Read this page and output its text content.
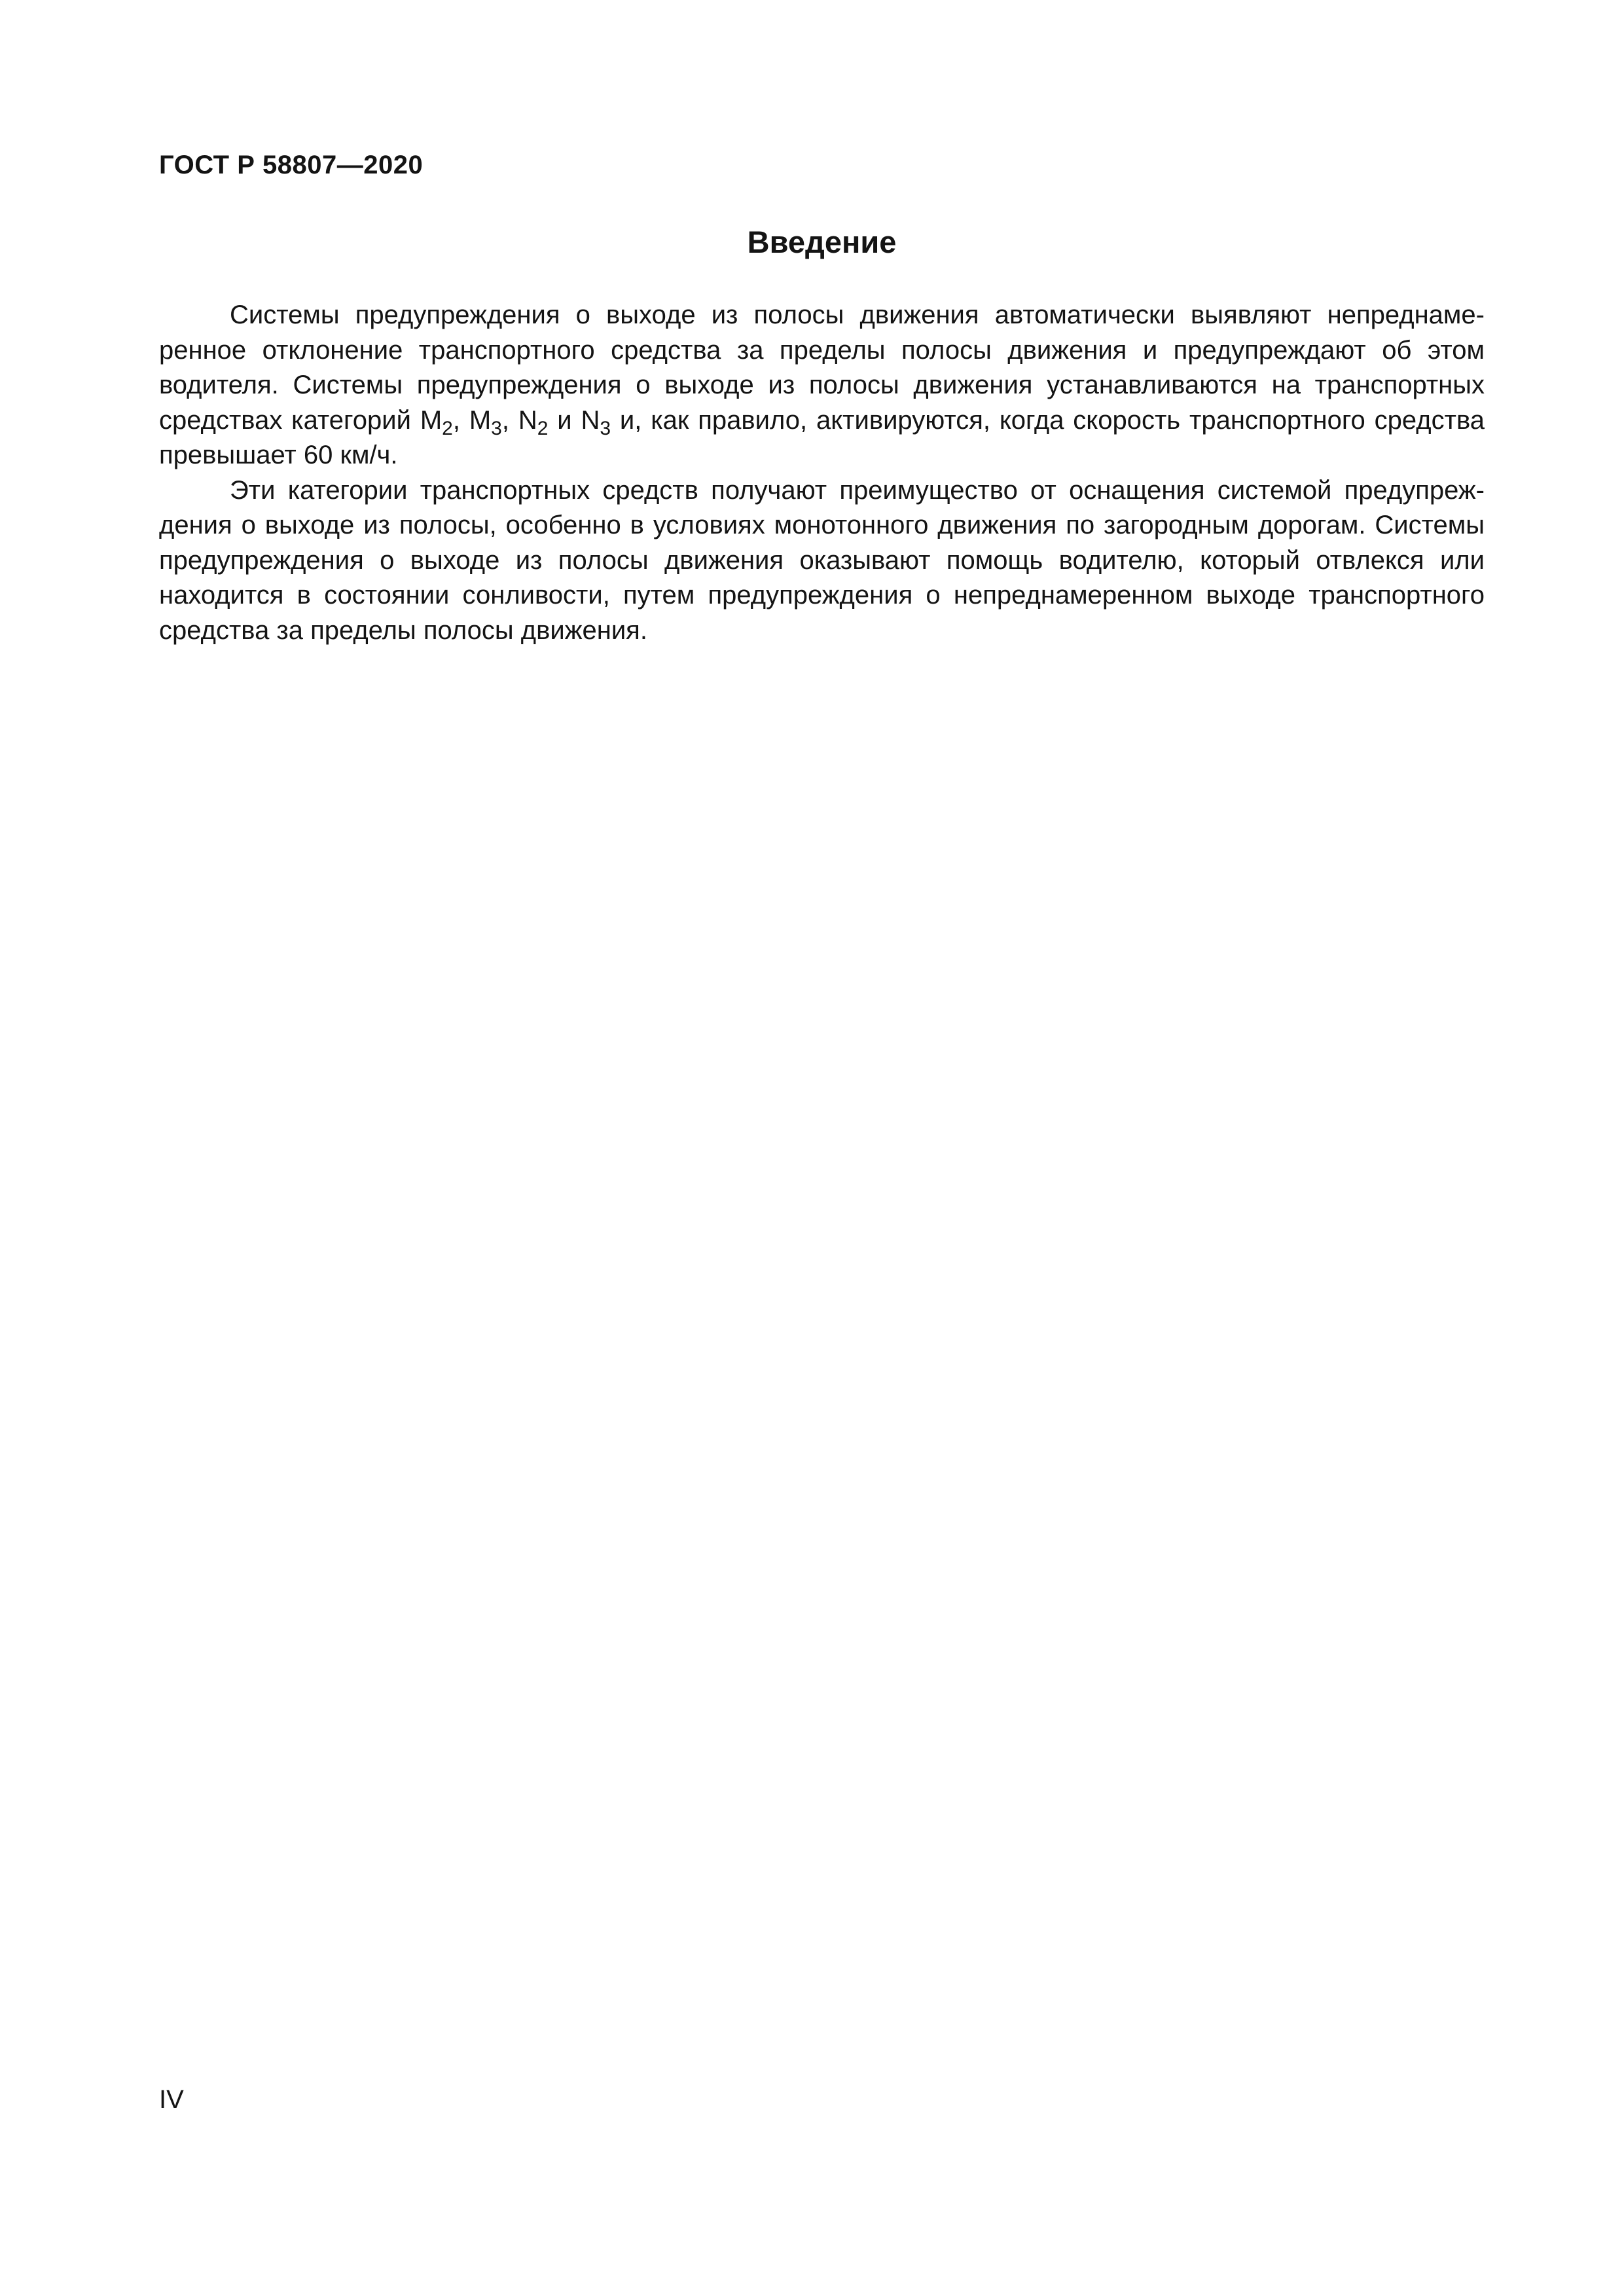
ГОСТ Р 58807—2020
Введение

Системы предупреждения о выходе из полосы движения автоматически выявляют непреднамеренное отклонение транспортного средства за пределы полосы движения и предупреждают об этом водителя. Системы предупреждения о выходе из полосы движения устанавливаются на транспортных средствах категорий $M_2$, $M_3$, $N_2$ и $N_3$ и, как правило, активируются, когда скорость транспортного средства превышает 60 км/ч.

Эти категории транспортных средств получают преимущество от оснащения системой предупреждения о выходе из полосы, особенно в условиях монотонного движения по загородным дорогам. Системы предупреждения о выходе из полосы движения оказывают помощь водителю, который отвлекся или находится в состоянии сонливости, путем предупреждения о непреднамеренном выходе транспортного средства за пределы полосы движения.

IV
